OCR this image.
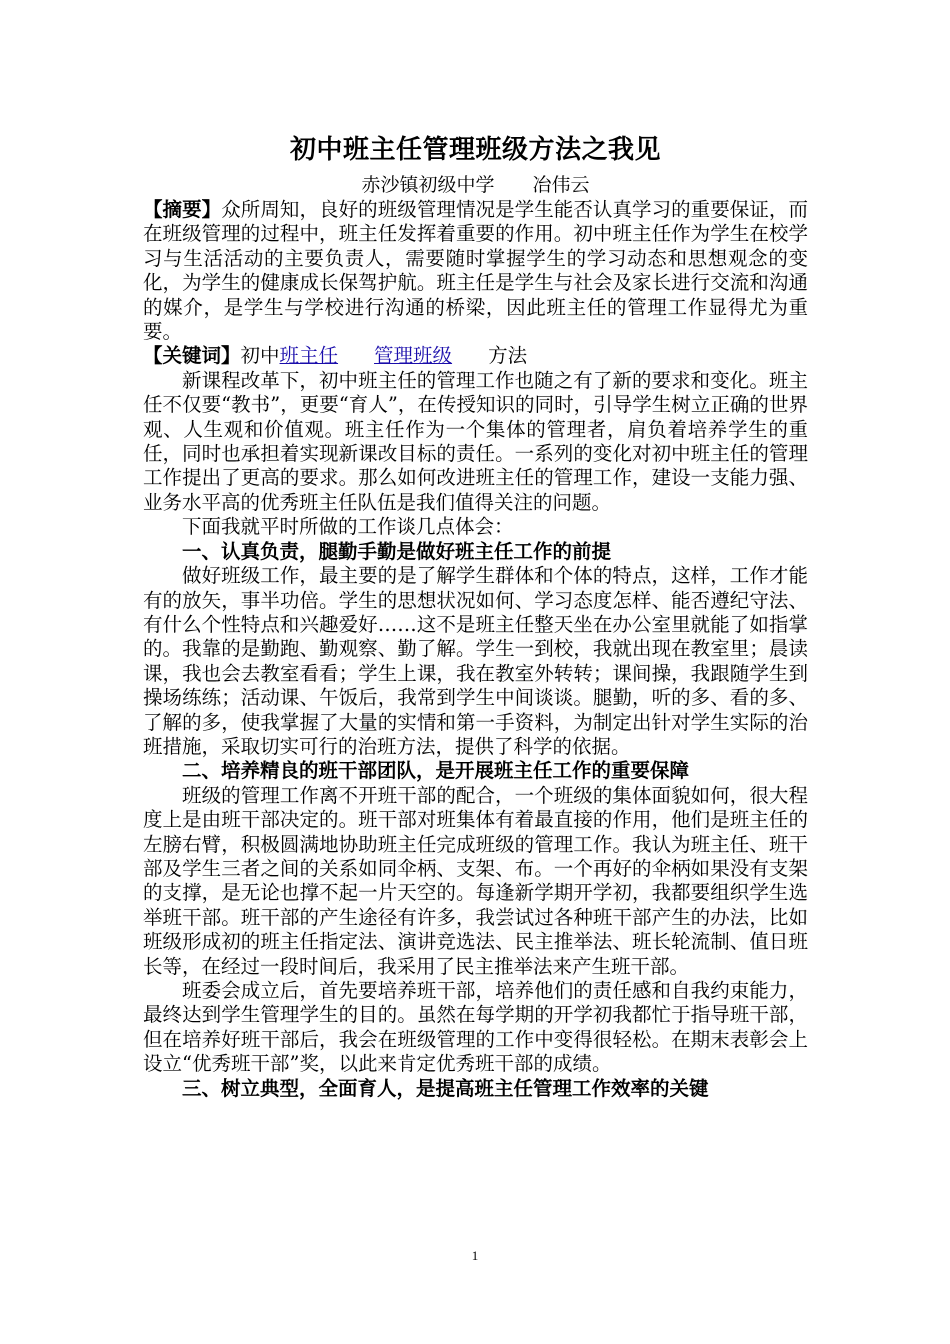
初中班主任管理班级方法之我见
赤沙镇初级中学 冶伟云

【摘要】众所周知，良好的班级管理情况是学生能否认真学习的重要保证，而在班级管理的过程中，班主任发挥着重要的作用。初中班主任作为学生在校学习与生活活动的主要负责人，需要随时掌握学生的学习动态和思想观念的变化，为学生的健康成长保驾护航。班主任是学生与社会及家长进行交流和沟通的媒介，是学生与学校进行沟通的桥梁，因此班主任的管理工作显得尤为重要。

【关键词】初中班主任 管理班级 方法

新课程改革下，初中班主任的管理工作也随之有了新的要求和变化。班主任不仅要“教书”，更要“育人”，在传授知识的同时，引导学生树立正确的世界观、人生观和价值观。班主任作为一个集体的管理者，肩负着培养学生的重任，同时也承担着实现新课改目标的责任。一系列的变化对初中班主任的管理工作提出了更高的要求。那么如何改进班主任的管理工作，建设一支能力强、业务水平高的优秀班主任队伍是我们值得关注的问题。

下面我就平时所做的工作谈几点体会：

一、认真负责，腿勤手勤是做好班主任工作的前提

做好班级工作，最主要的是了解学生群体和个体的特点，这样，工作才能有的放矢，事半功倍。学生的思想状况如何、学习态度怎样、能否遵纪守法、有什么个性特点和兴趣爱好……这不是班主任整天坐在办公室里就能了如指掌的。我靠的是勤跑、勤观察、勤了解。学生一到校，我就出现在教室里；晨读课，我也会去教室看看；学生上课，我在教室外转转；课间操，我跟随学生到操场练练；活动课、午饭后，我常到学生中间谈谈。腿勤，听的多、看的多、了解的多，使我掌握了大量的实情和第一手资料，为制定出针对学生实际的治班措施，采取切实可行的治班方法，提供了科学的依据。

二、培养精良的班干部团队，是开展班主任工作的重要保障

班级的管理工作离不开班干部的配合，一个班级的集体面貌如何，很大程度上是由班干部决定的。班干部对班集体有着最直接的作用，他们是班主任的左膀右臂，积极圆满地协助班主任完成班级的管理工作。我认为班主任、班干部及学生三者之间的关系如同伞柄、支架、布。一个再好的伞柄如果没有支架的支撑，是无论也撑不起一片天空的。每逢新学期开学初，我都要组织学生选举班干部。班干部的产生途径有许多，我尝试过各种班干部产生的办法，比如班级形成初的班主任指定法、演讲竞选法、民主推举法、班长轮流制、值日班长等，在经过一段时间后，我采用了民主推举法来产生班干部。

班委会成立后，首先要培养班干部，培养他们的责任感和自我约束能力，最终达到学生管理学生的目的。虽然在每学期的开学初我都忙于指导班干部，但在培养好班干部后，我会在班级管理的工作中变得很轻松。在期末表彰会上设立“优秀班干部”奖，以此来肯定优秀班干部的成绩。

三、树立典型，全面育人，是提高班主任管理工作效率的关键

1
